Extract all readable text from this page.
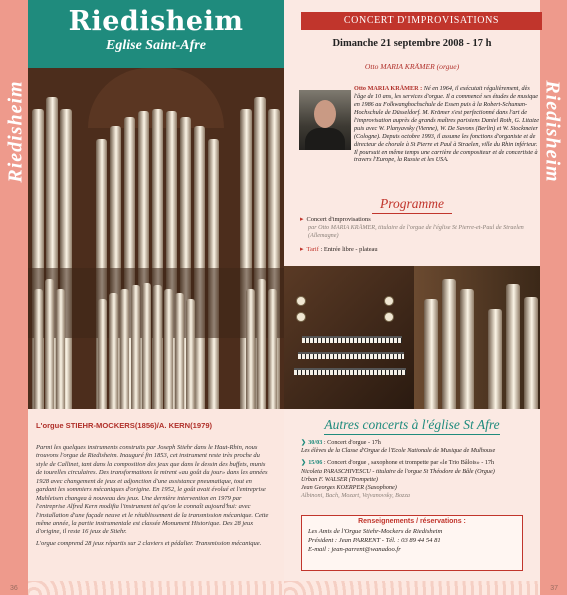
Riedisheim
Riedisheim
Eglise Saint-Afre
L'orgue STIEHR-MOCKERS(1856)/A. KERN(1979)

Parmi les quelques instruments construits par Joseph Stiehr dans le Haut-Rhin, nous trouvons l'orgue de Riedisheim. Inauguré fin 1853, cet instrument reste très proche du style de Callinet, tant dans la composition des jeux que dans le dessin des buffets, munis de tourelles circulaires. Des transformations le mirent «au goût du jour» dans les années 1928 avec changement de jeux et adjonction d'une assistance pneumatique, tout en gardant les sommiers mécaniques d'origine. En 1952, le goût avait évolué et l'entreprise Muhleisen changea à nouveau des jeux. Une dernière intervention en 1979 par l'entreprise Alfred Kern modifia l'instrument tel qu'on le connaît aujourd'hui: avec l'installation d'une façade neuve et le rétablissement de la transmission mécanique. Cette même année, la partie instrumentale est classée Monument Historique. Des 28 jeux d'origine, il reste 16 jeux de Stiehr.

L'orgue comprend 28 jeux répartis sur 2 claviers et pédalier. Transmission mécanique.

36
Riedisheim
CONCERT D'IMPROVISATIONS
Dimanche 21 septembre 2008 - 17 h
Otto MARIA KRÄMER (orgue)
Otto MARIA KRÄMER : Né en 1964, il exécutait régulièrement, dès l'âge de 10 ans, les services d'orgue. Il a commencé ses études de musique en 1986 au Folkwanghochschule de Essen puis à la Robert-Schuman-Hochschule de Düsseldorf. M. Krämer s'est perfectionné dans l'art de l'improvisation auprès de grands maîtres parisiens Daniel Roth, G. Litaize puis avec W. Planyavsky (Vienne), W. De Savons (Berlin) et W. Stockmeier (Cologne). Depuis octobre 1993, il assume les fonctions d'organiste et de directeur de chorale à St Pierre et Paul à Straelen, ville du Rhin inférieur. Il poursuit en même temps une carrière de compositeur et de concertiste à travers l'Europe, la Russie et les USA.
Programme
▸ Concert d'improvisations
par Otto MARIA KRÄMER, titulaire de l'orgue de l'église St Pierre-et-Paul de Straelen (Allemagne)
▸ Tarif : Entrée libre - plateau
Autres concerts à l'église St Afre
❯ 30/03 : Concert d'orgue - 17h
Les élèves de la Classe d'Orgue de l'Ecole Nationale de Musique de Mulhouse
❯ 15/06 : Concert d'orgue , saxophone et trompette par «le Trio Bâlois» - 17h
Nicoleta PARASCHIVESCU - titulaire de l'orgue St Théodore de Bâle (Orgue)
Urban F. WALSER (Trompette)
Jean Georges KOERPER (Saxophone)
Albinoni, Bach, Mozart, Vejvanovsky, Bozza
Renseignements / réservations :
Les Amis de l'Orgue Stiehr-Mockers de Riedisheim
Président : Jean PARRENT - Tél. : 03 89 44 54 81
E-mail : jean-parrent@wanadoo.fr
37
